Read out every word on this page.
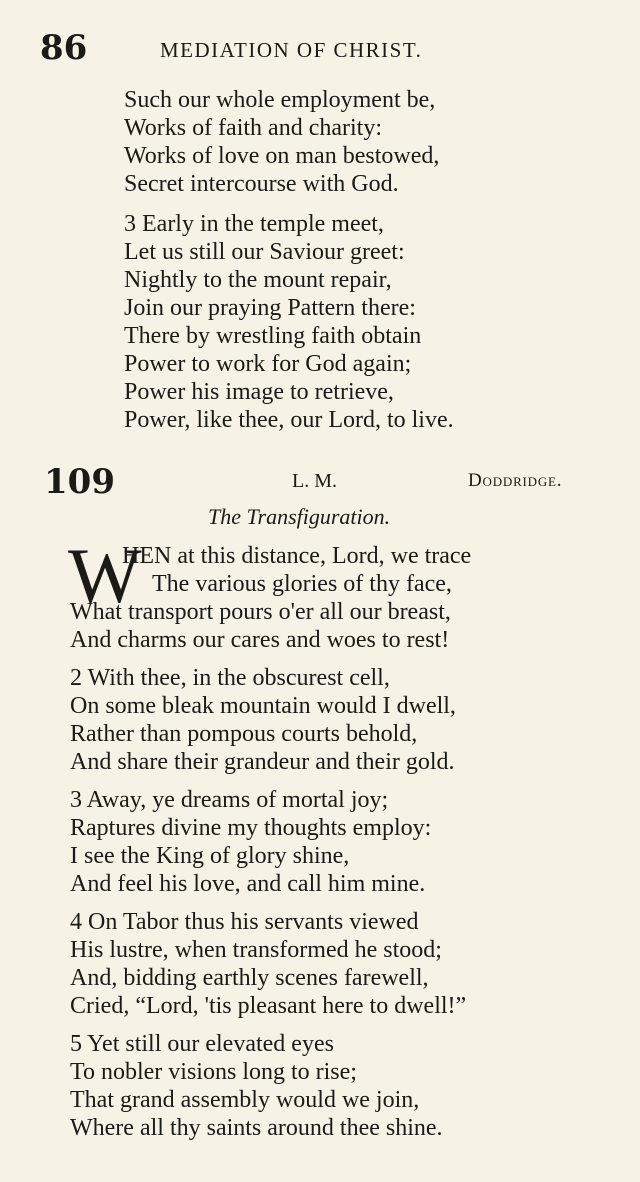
86	MEDIATION OF CHRIST.
Such our whole employment be,
Works of faith and charity:
Works of love on man bestowed,
Secret intercourse with God.
3 Early in the temple meet,
Let us still our Saviour greet:
Nightly to the mount repair,
Join our praying Pattern there:
There by wrestling faith obtain
Power to work for God again;
Power his image to retrieve,
Power, like thee, our Lord, to live.
109	L. M.	Doddridge.
The Transfiguration.
W
HEN at this distance, Lord, we trace
The various glories of thy face,
What transport pours o'er all our breast,
And charms our cares and woes to rest!
2 With thee, in the obscurest cell,
On some bleak mountain would I dwell,
Rather than pompous courts behold,
And share their grandeur and their gold.
3 Away, ye dreams of mortal joy;
Raptures divine my thoughts employ:
I see the King of glory shine,
And feel his love, and call him mine.
4 On Tabor thus his servants viewed
His lustre, when transformed he stood;
And, bidding earthly scenes farewell,
Cried, “Lord, 'tis pleasant here to dwell!”
5 Yet still our elevated eyes
To nobler visions long to rise;
That grand assembly would we join,
Where all thy saints around thee shine.
